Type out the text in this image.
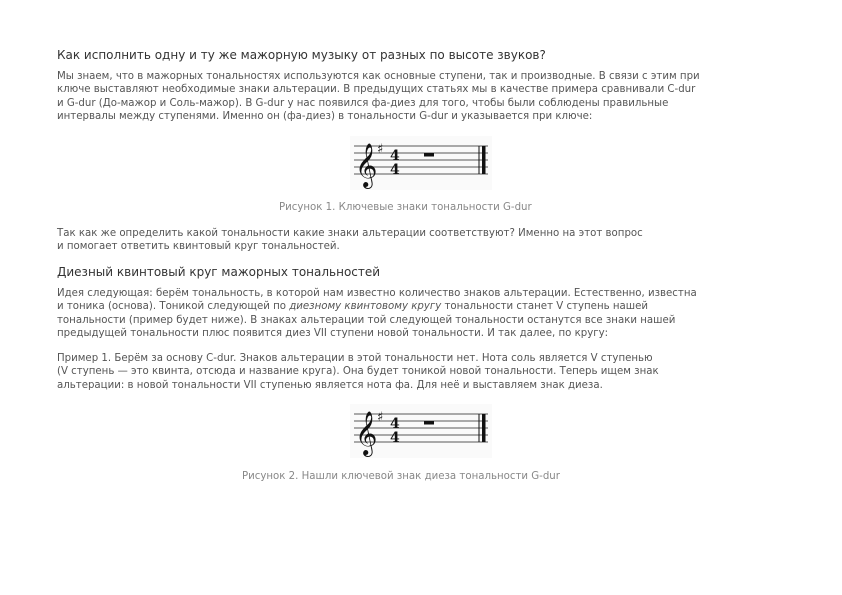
Как исполнить одну и ту же мажорную музыку от разных по высоте звуков?
Мы знаем, что в мажорных тональностях используются как основные ступени, так и производные. В связи с этим при
ключе выставляют необходимые знаки альтерации. В предыдущих статьях мы в качестве примера сравнивали C-dur
и G-dur (До-мажор и Соль-мажор). В G-dur у нас появился фа-диез для того, чтобы были соблюдены правильные
интервалы между ступенями. Именно он (фа-диез) в тональности G-dur и указывается при ключе:
𝄞 ♯ 4
4
Рисунок 1. Ключевые знаки тональности G-dur
Так как же определить какой тональности какие знаки альтерации соответствуют? Именно на этот вопрос
и помогает ответить квинтовый круг тональностей.
Диезный квинтовый круг мажорных тональностей
Идея следующая: берём тональность, в которой нам известно количество знаков альтерации. Естественно, известна
и тоника (основа). Тоникой следующей по диезному квинтовому кругу тональности станет V ступень нашей
тональности (пример будет ниже). В знаках альтерации той следующей тональности останутся все знаки нашей
предыдущей тональности плюс появится диез VII ступени новой тональности. И так далее, по кругу:
Пример 1. Берём за основу C-dur. Знаков альтерации в этой тональности нет. Нота соль является V ступенью
(V ступень — это квинта, отсюда и название круга). Она будет тоникой новой тональности. Теперь ищем знак
альтерации: в новой тональности VII ступенью является нота фа. Для неё и выставляем знак диеза.
𝄞 ♯ 4
4
Рисунок 2. Нашли ключевой знак диеза тональности G-dur
